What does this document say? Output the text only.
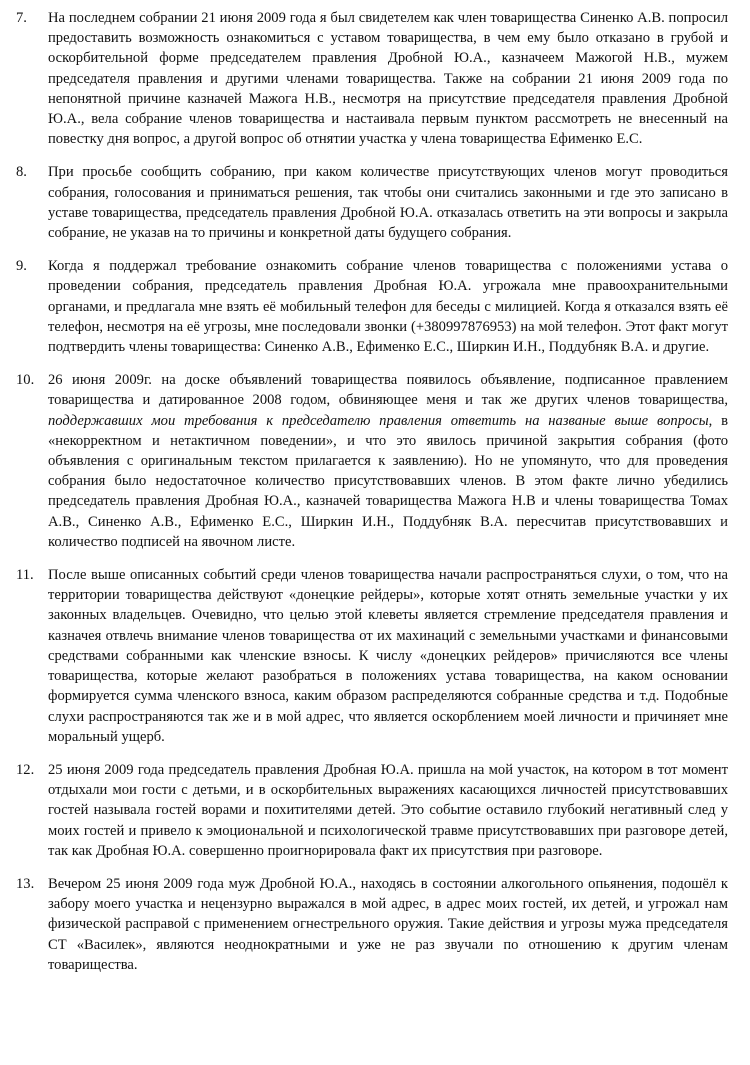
7.	На последнем собрании 21 июня 2009 года я был свидетелем как член товарищества Синенко А.В. попросил предоставить возможность ознакомиться с уставом товарищества, в чем ему было отказано в грубой и оскорбительной форме председателем правления Дробной Ю.А., казначеем Мажогой Н.В., мужем председателя правления и другими членами товарищества. Также на собрании 21 июня 2009 года по непонятной причине казначей Мажога Н.В., несмотря на присутствие председателя правления Дробной Ю.А., вела собрание членов товарищества и настаивала первым пунктом рассмотреть не внесенный на повестку дня вопрос, а другой вопрос об отнятии участка у члена товарищества Ефименко Е.С.
8.	При просьбе сообщить собранию, при каком количестве присутствующих членов могут проводиться собрания, голосования и приниматься решения, так чтобы они считались законными и где это записано в уставе товарищества, председатель правления Дробной Ю.А. отказалась ответить на эти вопросы и закрыла собрание, не указав на то причины и конкретной даты будущего собрания.
9.	Когда я поддержал требование ознакомить собрание членов товарищества с положениями устава о проведении собрания, председатель правления Дробная Ю.А. угрожала мне правоохранительными органами, и предлагала мне взять её мобильный телефон для беседы с милицией. Когда я отказался взять её телефон, несмотря на её угрозы, мне последовали звонки (+380997876953) на мой телефон. Этот факт могут подтвердить члены товарищества: Синенко А.В., Ефименко Е.С., Ширкин И.Н., Поддубняк В.А. и другие.
10. 26 июня 2009г. на доске объявлений товарищества появилось объявление, подписанное правлением товарищества и датированное 2008 годом, обвиняющее меня и так же других членов товарищества, поддержавших мои требования к председателю правления ответить на названые выше вопросы, в «некорректном и нетактичном поведении», и что это явилось причиной закрытия собрания (фото объявления с оригинальным текстом прилагается к заявлению). Но не упомянуто, что для проведения собрания было недостаточное количество присутствовавших членов. В этом факте лично убедились председатель правления Дробная Ю.А., казначей товарищества Мажога Н.В и члены товарищества Томах А.В., Синенко А.В., Ефименко Е.С., Ширкин И.Н., Поддубняк В.А. пересчитав присутствовавших и количество подписей на явочном листе.
11. После выше описанных событий среди членов товарищества начали распространяться слухи, о том, что на территории товарищества действуют «донецкие рейдеры», которые хотят отнять земельные участки у их законных владельцев. Очевидно, что целью этой клеветы является стремление председателя правления и казначея отвлечь внимание членов товарищества от их махинаций с земельными участками и финансовыми средствами собранными как членские взносы. К числу «донецких рейдеров» причисляются все члены товарищества, которые желают разобраться в положениях устава товарищества, на каком основании формируется сумма членского взноса, каким образом распределяются собранные средства и т.д. Подобные слухи распространяются так же и в мой адрес, что является оскорблением моей личности и причиняет мне моральный ущерб.
12. 25 июня 2009 года председатель правления Дробная Ю.А. пришла на мой участок, на котором в тот момент отдыхали мои гости с детьми, и в оскорбительных выражениях касающихся личностей присутствовавших гостей называла гостей ворами и похитителями детей. Это событие оставило глубокий негативный след у моих гостей и привело к эмоциональной и психологической травме присутствовавших при разговоре детей, так как Дробная Ю.А. совершенно проигнорировала факт их присутствия при разговоре.
13. Вечером 25 июня 2009 года муж Дробной Ю.А., находясь в состоянии алкогольного опьянения, подошёл к забору моего участка и нецензурно выражался в мой адрес, в адрес моих гостей, их детей, и угрожал нам физической расправой с применением огнестрельного оружия. Такие действия и угрозы мужа председателя СТ «Василек», являются неоднократными и уже не раз звучали по отношению к другим членам товарищества.
